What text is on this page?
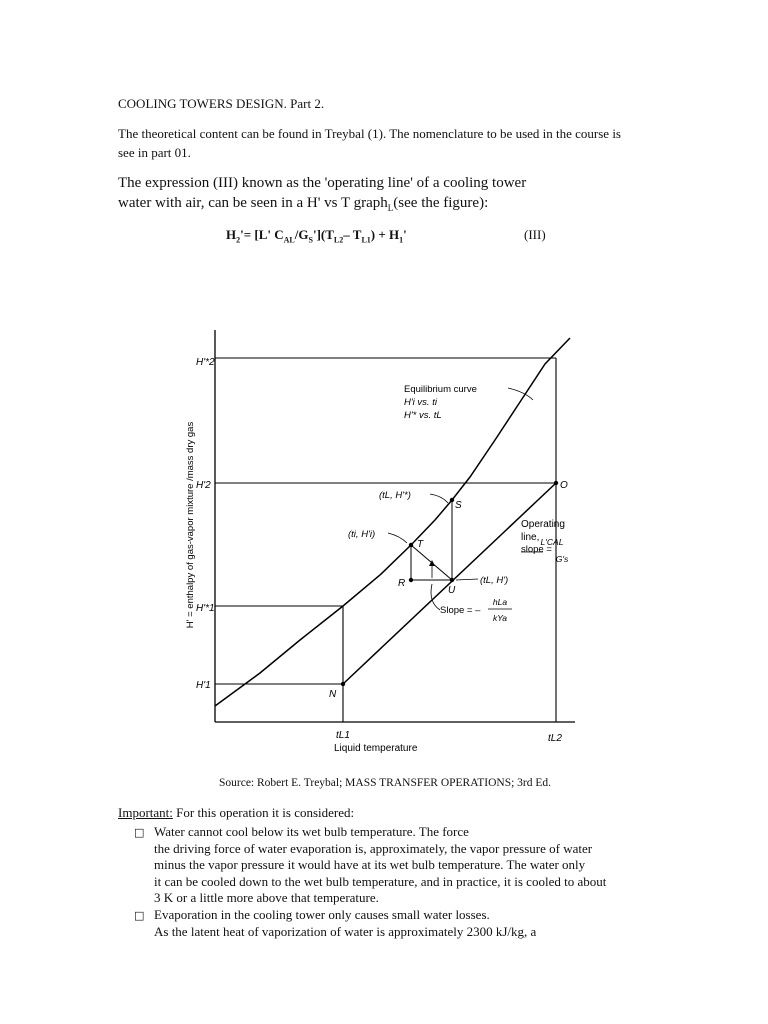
COOLING TOWERS DESIGN. Part 2.
The theoretical content can be found in Treybal (1). The nomenclature to be used in the course is
see in part 01.
The expression (III) known as the 'operating line' of a cooling tower
water with air, can be seen in a H' vs T graph$_L$(see the figure):
$H_2'= [L'$ $C_{AL}/G_S'](T_{L2}-$ $T_{L1}) + H_1'$	(III)
H'*2
H'2
H'*1
H'1
H' = enthalpy of gas-vapor mixture /mass dry gas
tL1	tL2
Liquid temperature
Equilibrium curve
H'i vs. ti
H'* vs. tL
Operating
line, L'CAL
slope =
G's
Slope = –
hLa
kYa
(tL, H'*)
(ti, H'i)
(tL, H')
S
T
U
R
N
O
Source: Robert E. Treybal; MASS TRANSFER OPERATIONS; 3rd Ed.
Important: For this operation it is considered:
□ Water cannot cool below its wet bulb temperature. The force
the driving force of water evaporation is, approximately, the vapor pressure of water
minus the vapor pressure it would have at its wet bulb temperature. The water only
it can be cooled down to the wet bulb temperature, and in practice, it is cooled to about
3 K or a little more above that temperature.
□ Evaporation in the cooling tower only causes small water losses.
As the latent heat of vaporization of water is approximately 2300 kJ/kg, a
